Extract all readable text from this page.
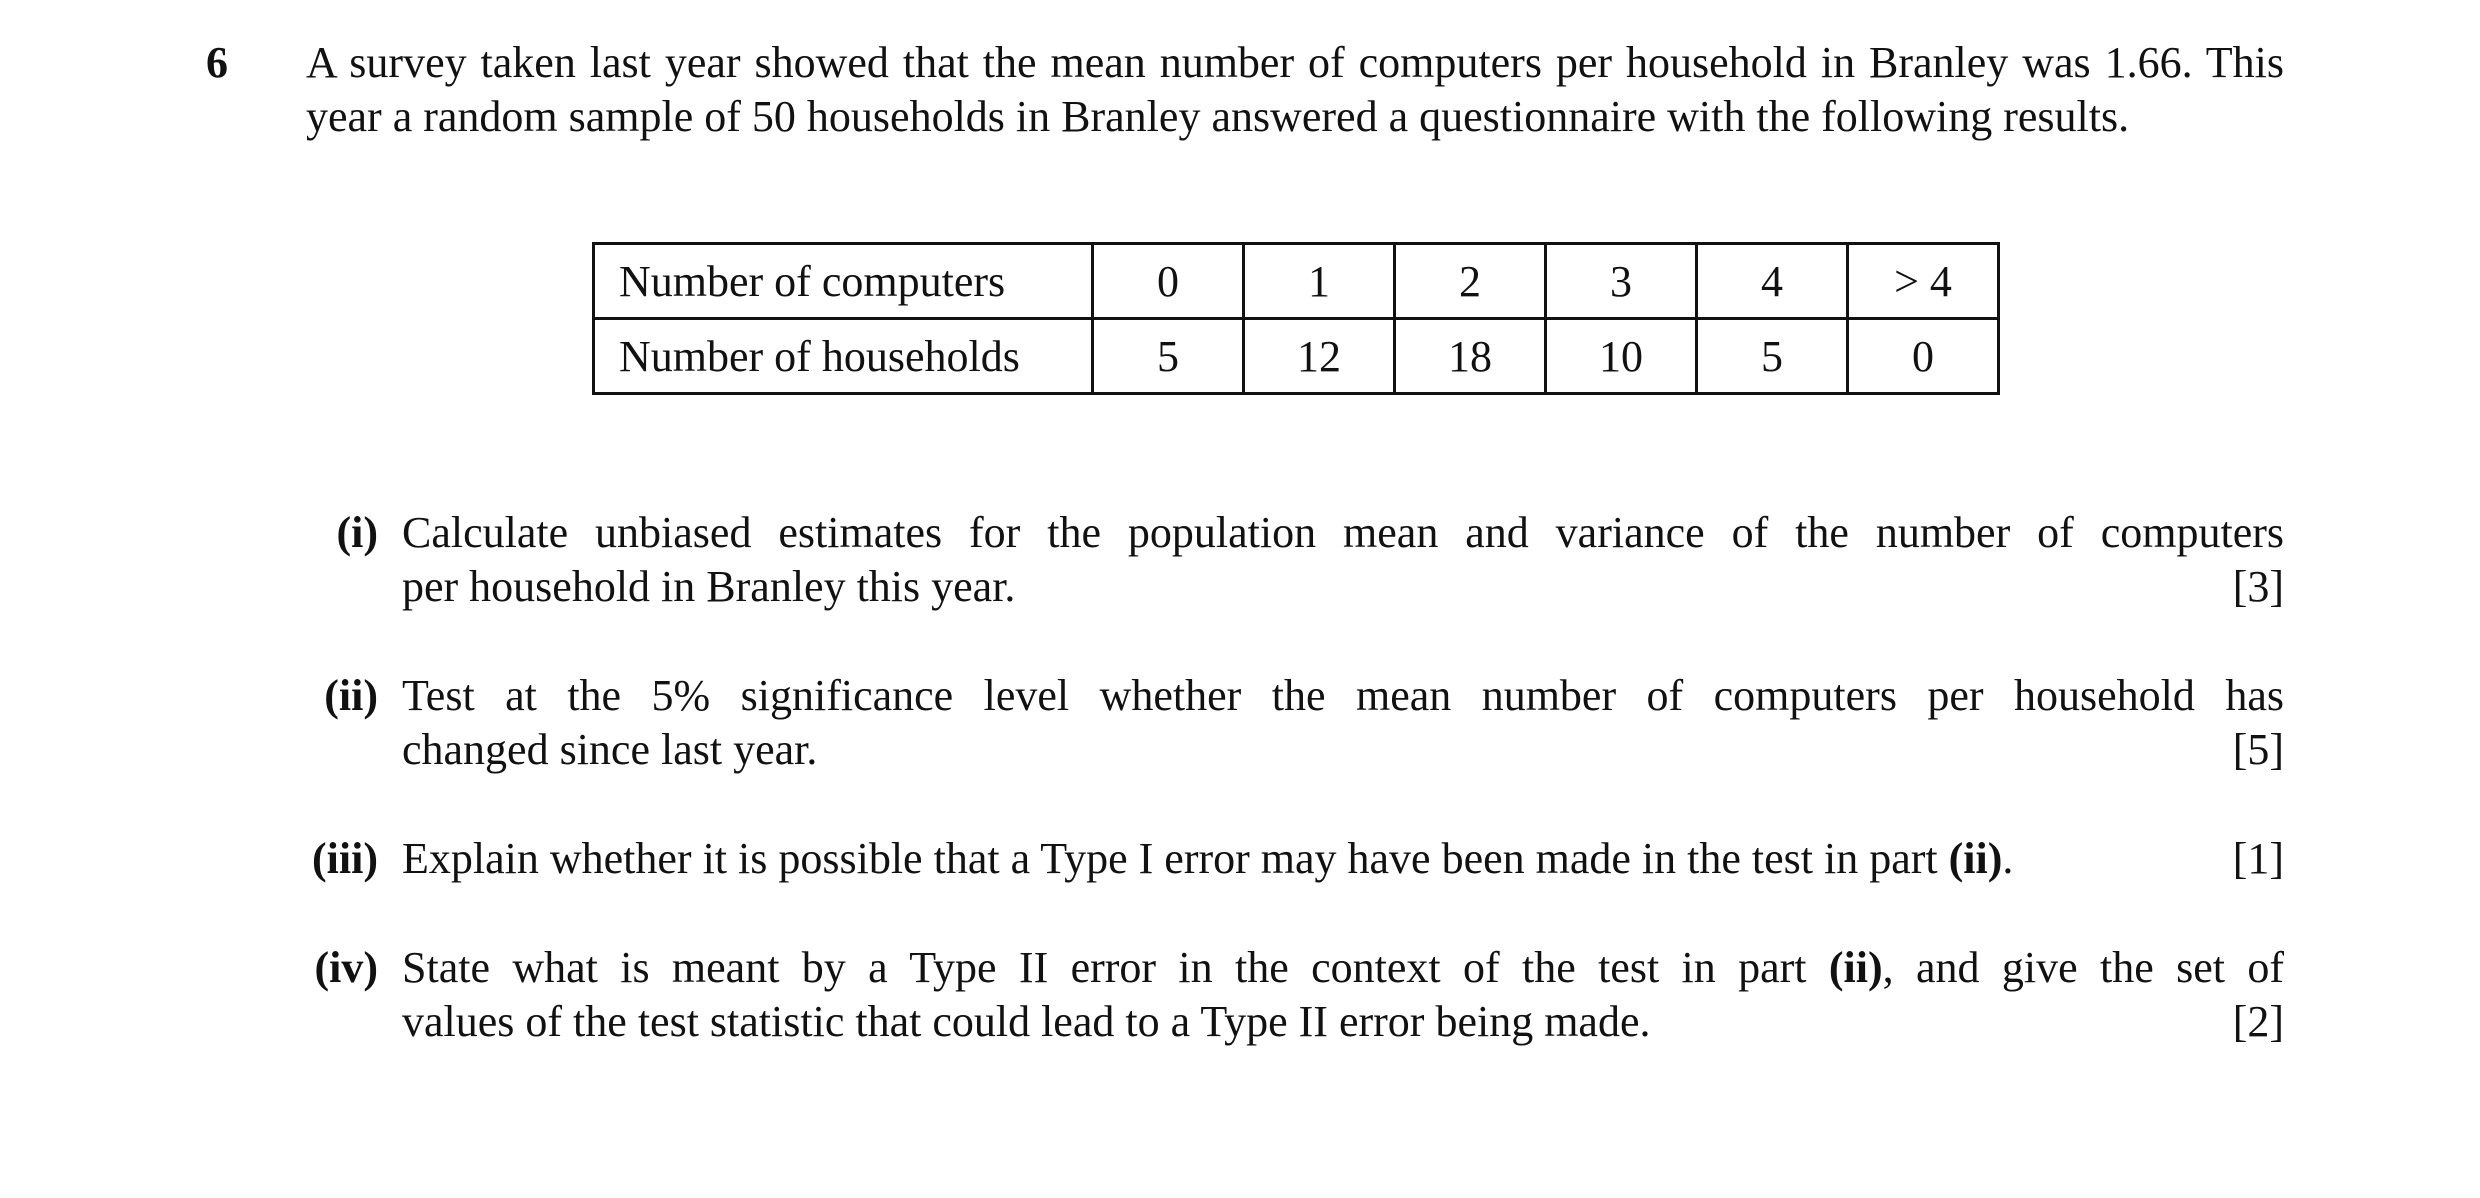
6 A survey taken last year showed that the mean number of computers per household in Branley was 1.66. This year a random sample of 50 households in Branley answered a questionnaire with the following results.
Number of computers	0	1	2	3	4	> 4
Number of households	5	12	18	10	5	0
(i) Calculate unbiased estimates for the population mean and variance of the number of computers
per household in Branley this year.	[3]
(ii) Test at the 5% significance level whether the mean number of computers per household has
changed since last year.	[5]
(iii) Explain whether it is possible that a Type I error may have been made in the test in part (ii).	[1]
(iv) State what is meant by a Type II error in the context of the test in part (ii), and give the set of
values of the test statistic that could lead to a Type II error being made.	[2]
